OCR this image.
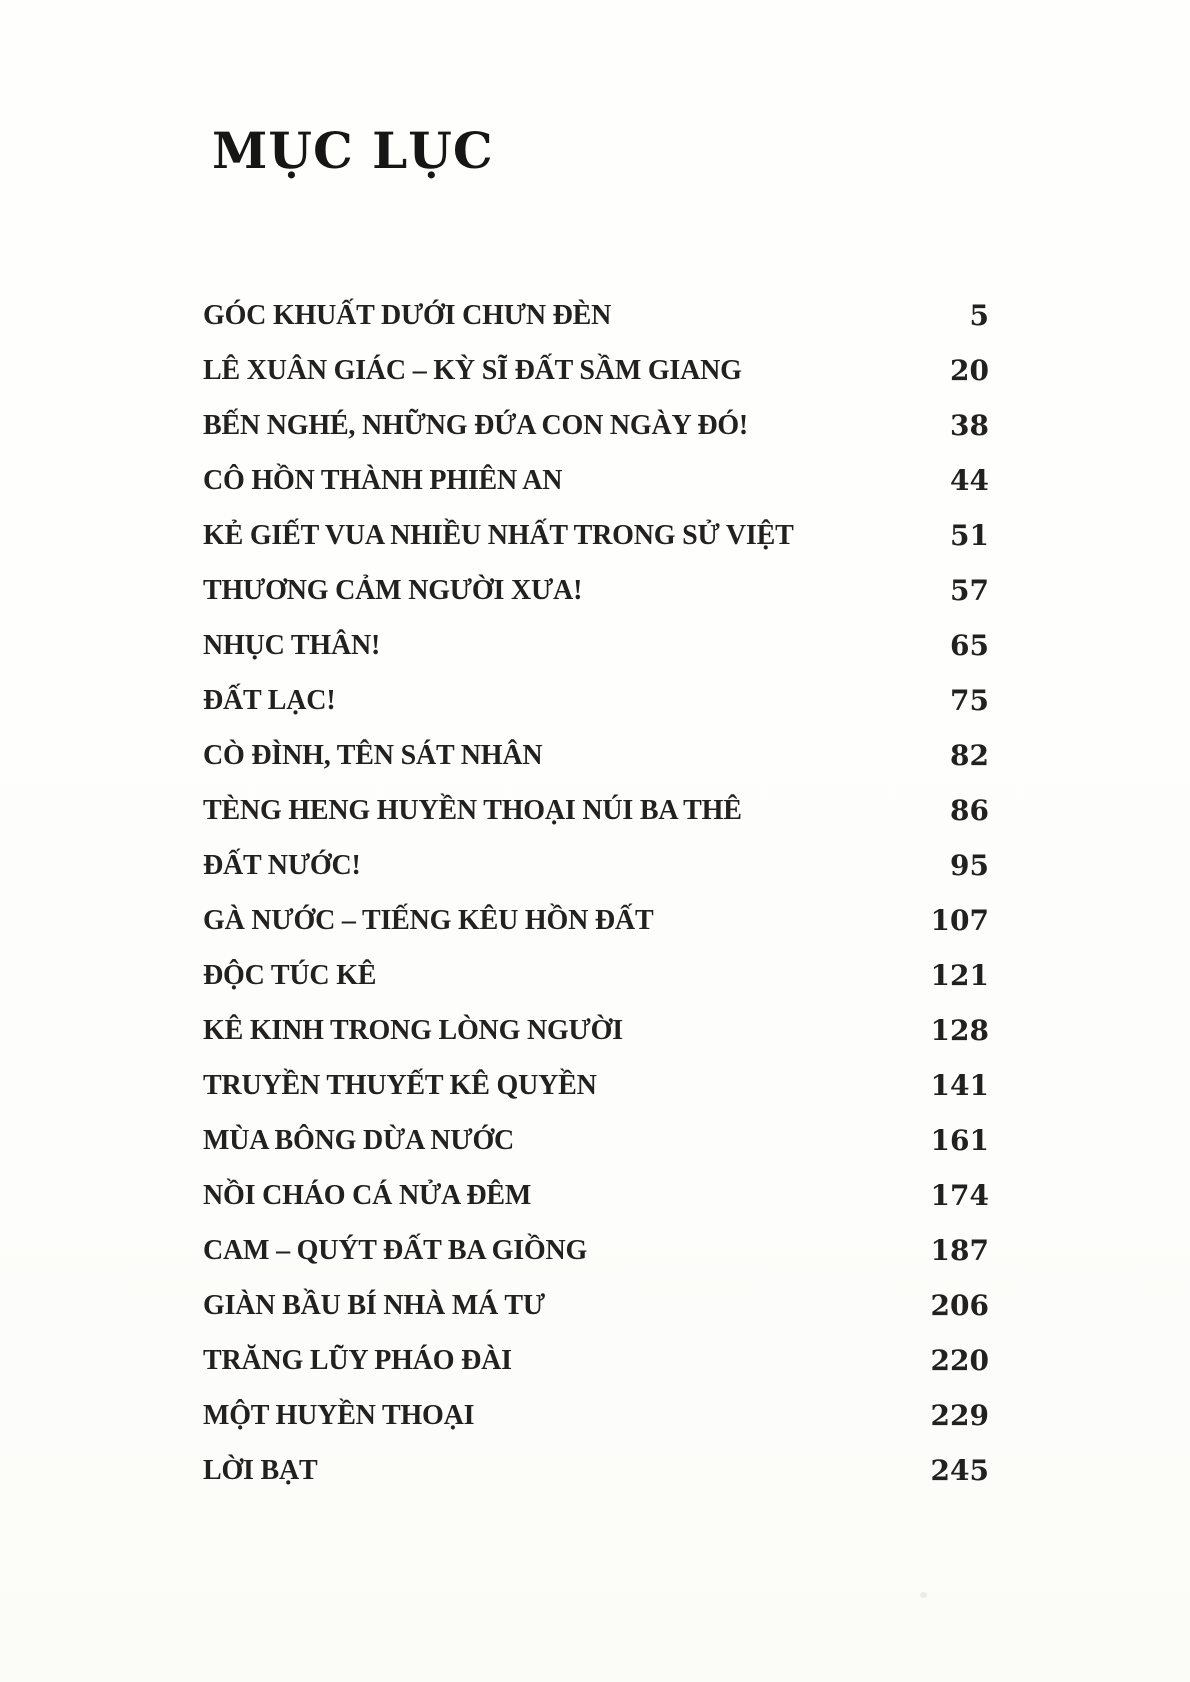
MỤC LỤC
GÓC KHUẤT DƯỚI CHƯN ĐÈN	5
LÊ XUÂN GIÁC – KỲ SĨ ĐẤT SẦM GIANG	20
BẾN NGHÉ, NHỮNG ĐỨA CON NGÀY ĐÓ!	38
CÔ HỒN THÀNH PHIÊN AN	44
KẺ GIẾT VUA NHIỀU NHẤT TRONG SỬ VIỆT	51
THƯƠNG CẢM NGƯỜI XƯA!	57
NHỤC THÂN!	65
ĐẤT LẠC!	75
CÒ ĐÌNH, TÊN SÁT NHÂN	82
TÈNG HENG HUYỀN THOẠI NÚI BA THÊ	86
ĐẤT NƯỚC!	95
GÀ NƯỚC – TIẾNG KÊU HỒN ĐẤT	107
ĐỘC TÚC KÊ	121
KÊ KINH TRONG LÒNG NGƯỜI	128
TRUYỀN THUYẾT KÊ QUYỀN	141
MÙA BÔNG DỪA NƯỚC	161
NỒI CHÁO CÁ NỬA ĐÊM	174
CAM – QUÝT ĐẤT BA GIỒNG	187
GIÀN BẦU BÍ NHÀ MÁ TƯ	206
TRĂNG LŨY PHÁO ĐÀI	220
MỘT HUYỀN THOẠI	229
LỜI BẠT	245
